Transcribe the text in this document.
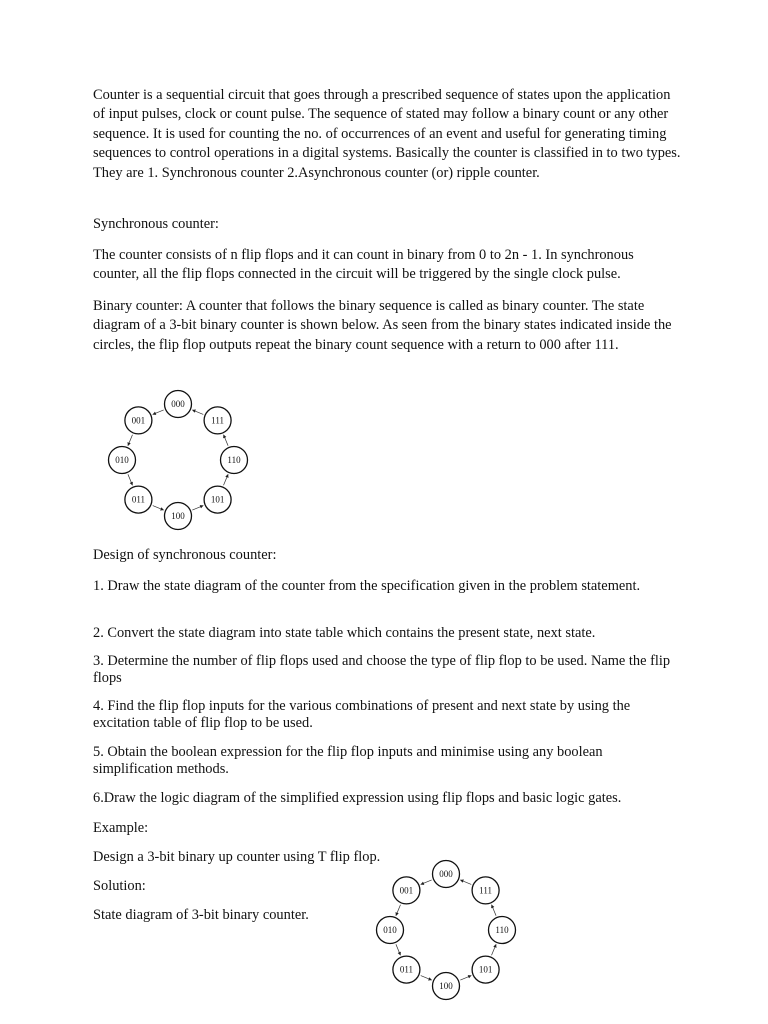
Counter is a sequential circuit that goes through a prescribed sequence of states upon the application of input pulses, clock or count pulse. The sequence of stated may follow a binary count or any other sequence. It is used for counting the no. of occurrences of an event and useful for generating timing sequences to control operations in a digital systems. Basically the counter is classified in to two types. They are 1. Synchronous counter 2.Asynchronous counter (or) ripple counter.

Synchronous counter:

The counter consists of n flip flops and it can count in binary from 0 to 2n - 1. In synchronous counter, all the flip flops connected in the circuit will be triggered by the single clock pulse.

Binary counter: A counter that follows the binary sequence is called as binary counter. The state diagram of a 3-bit binary counter is shown below. As seen from the binary states indicated inside the circles, the flip flop outputs repeat the binary count sequence with a return to 000 after 111.

000
111
110
101
100
011
010
001

Design of synchronous counter:

1. Draw the state diagram of the counter from the specification given in the problem statement.

2. Convert the state diagram into state table which contains the present state, next state.

3. Determine the number of flip flops used and choose the type of flip flop to be used. Name the flip flops

4. Find the flip flop inputs for the various combinations of present and next state by using the excitation table of flip flop to be used.

5. Obtain the boolean expression for the flip flop inputs and minimise using any boolean simplification methods.

6.Draw the logic diagram of the simplified expression using flip flops and basic logic gates.

Example:

Design a 3-bit binary up counter using T flip flop.

Solution:

State diagram of 3-bit binary counter.

000
111
110
101
100
011
010
001
